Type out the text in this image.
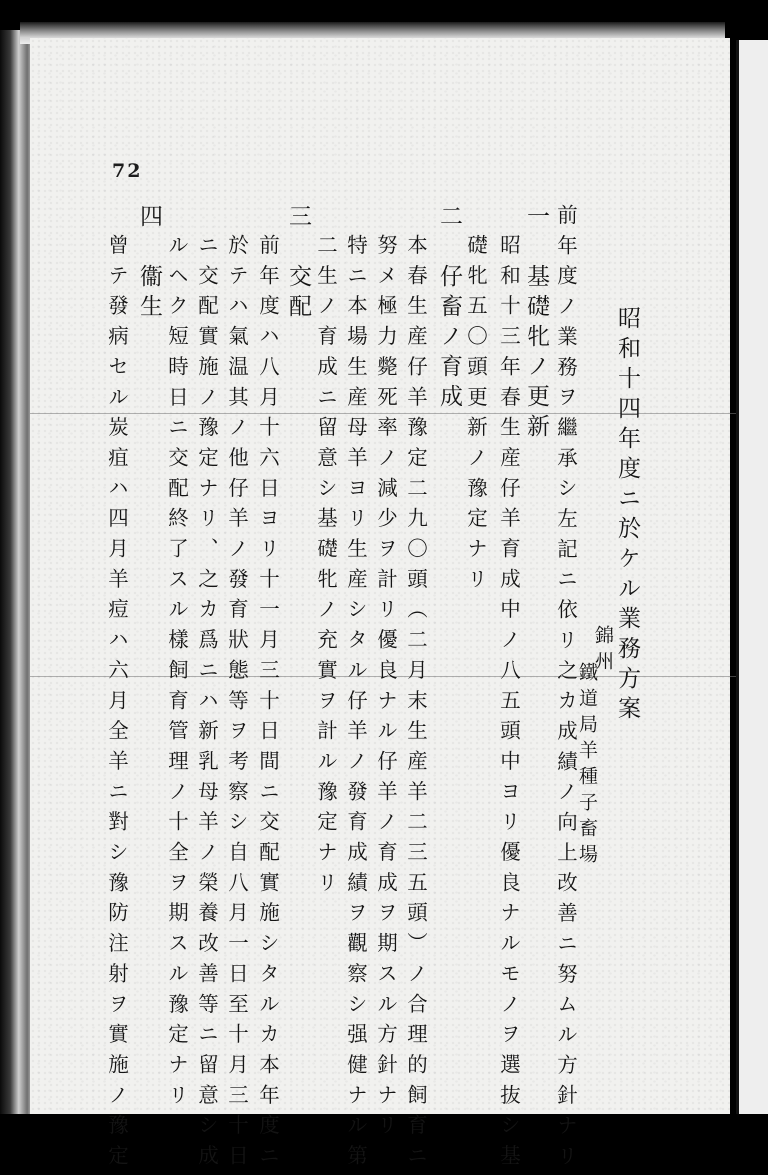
72
昭和十四年度ニ於ケル業務方案
錦州
鐵道局羊種子畜場
前年度ノ業務ヲ繼承シ左記ニ依リ之カ成績ノ向上改善ニ努ムル方針ナリ
一　基礎牝ノ更新
昭和十三年春生産仔羊育成中ノ八五頭中ヨリ優良ナルモノヲ選抜シ基
礎牝五〇頭更新ノ豫定ナリ
二　仔畜ノ育成
本春生産仔羊豫定二九〇頭（二月末生産羊二三五頭）ノ合理的飼育ニ
努メ極力斃死率ノ減少ヲ計リ優良ナル仔羊ノ育成ヲ期スル方針ナリ
特ニ本場生産母羊ヨリ生産シタル仔羊ノ發育成績ヲ觀察シ强健ナル第
二生ノ育成ニ留意シ基礎牝ノ充實ヲ計ル豫定ナリ
三　交配
前年度ハ八月十六日ヨリ十一月三十日間ニ交配實施シタルカ本年度ニ
於テハ氣温其ノ他仔羊ノ發育狀態等ヲ考察シ自八月一日至十月三十日
ニ交配實施ノ豫定ナリ、之カ爲ニハ新乳母羊ノ榮養改善等ニ留意シ成
ルヘク短時日ニ交配終了スル樣飼育管理ノ十全ヲ期スル豫定ナリ
四　衞生
曾テ發病セル炭疽ハ四月羊痘ハ六月全羊ニ對シ豫防注射ヲ實施ノ豫定
